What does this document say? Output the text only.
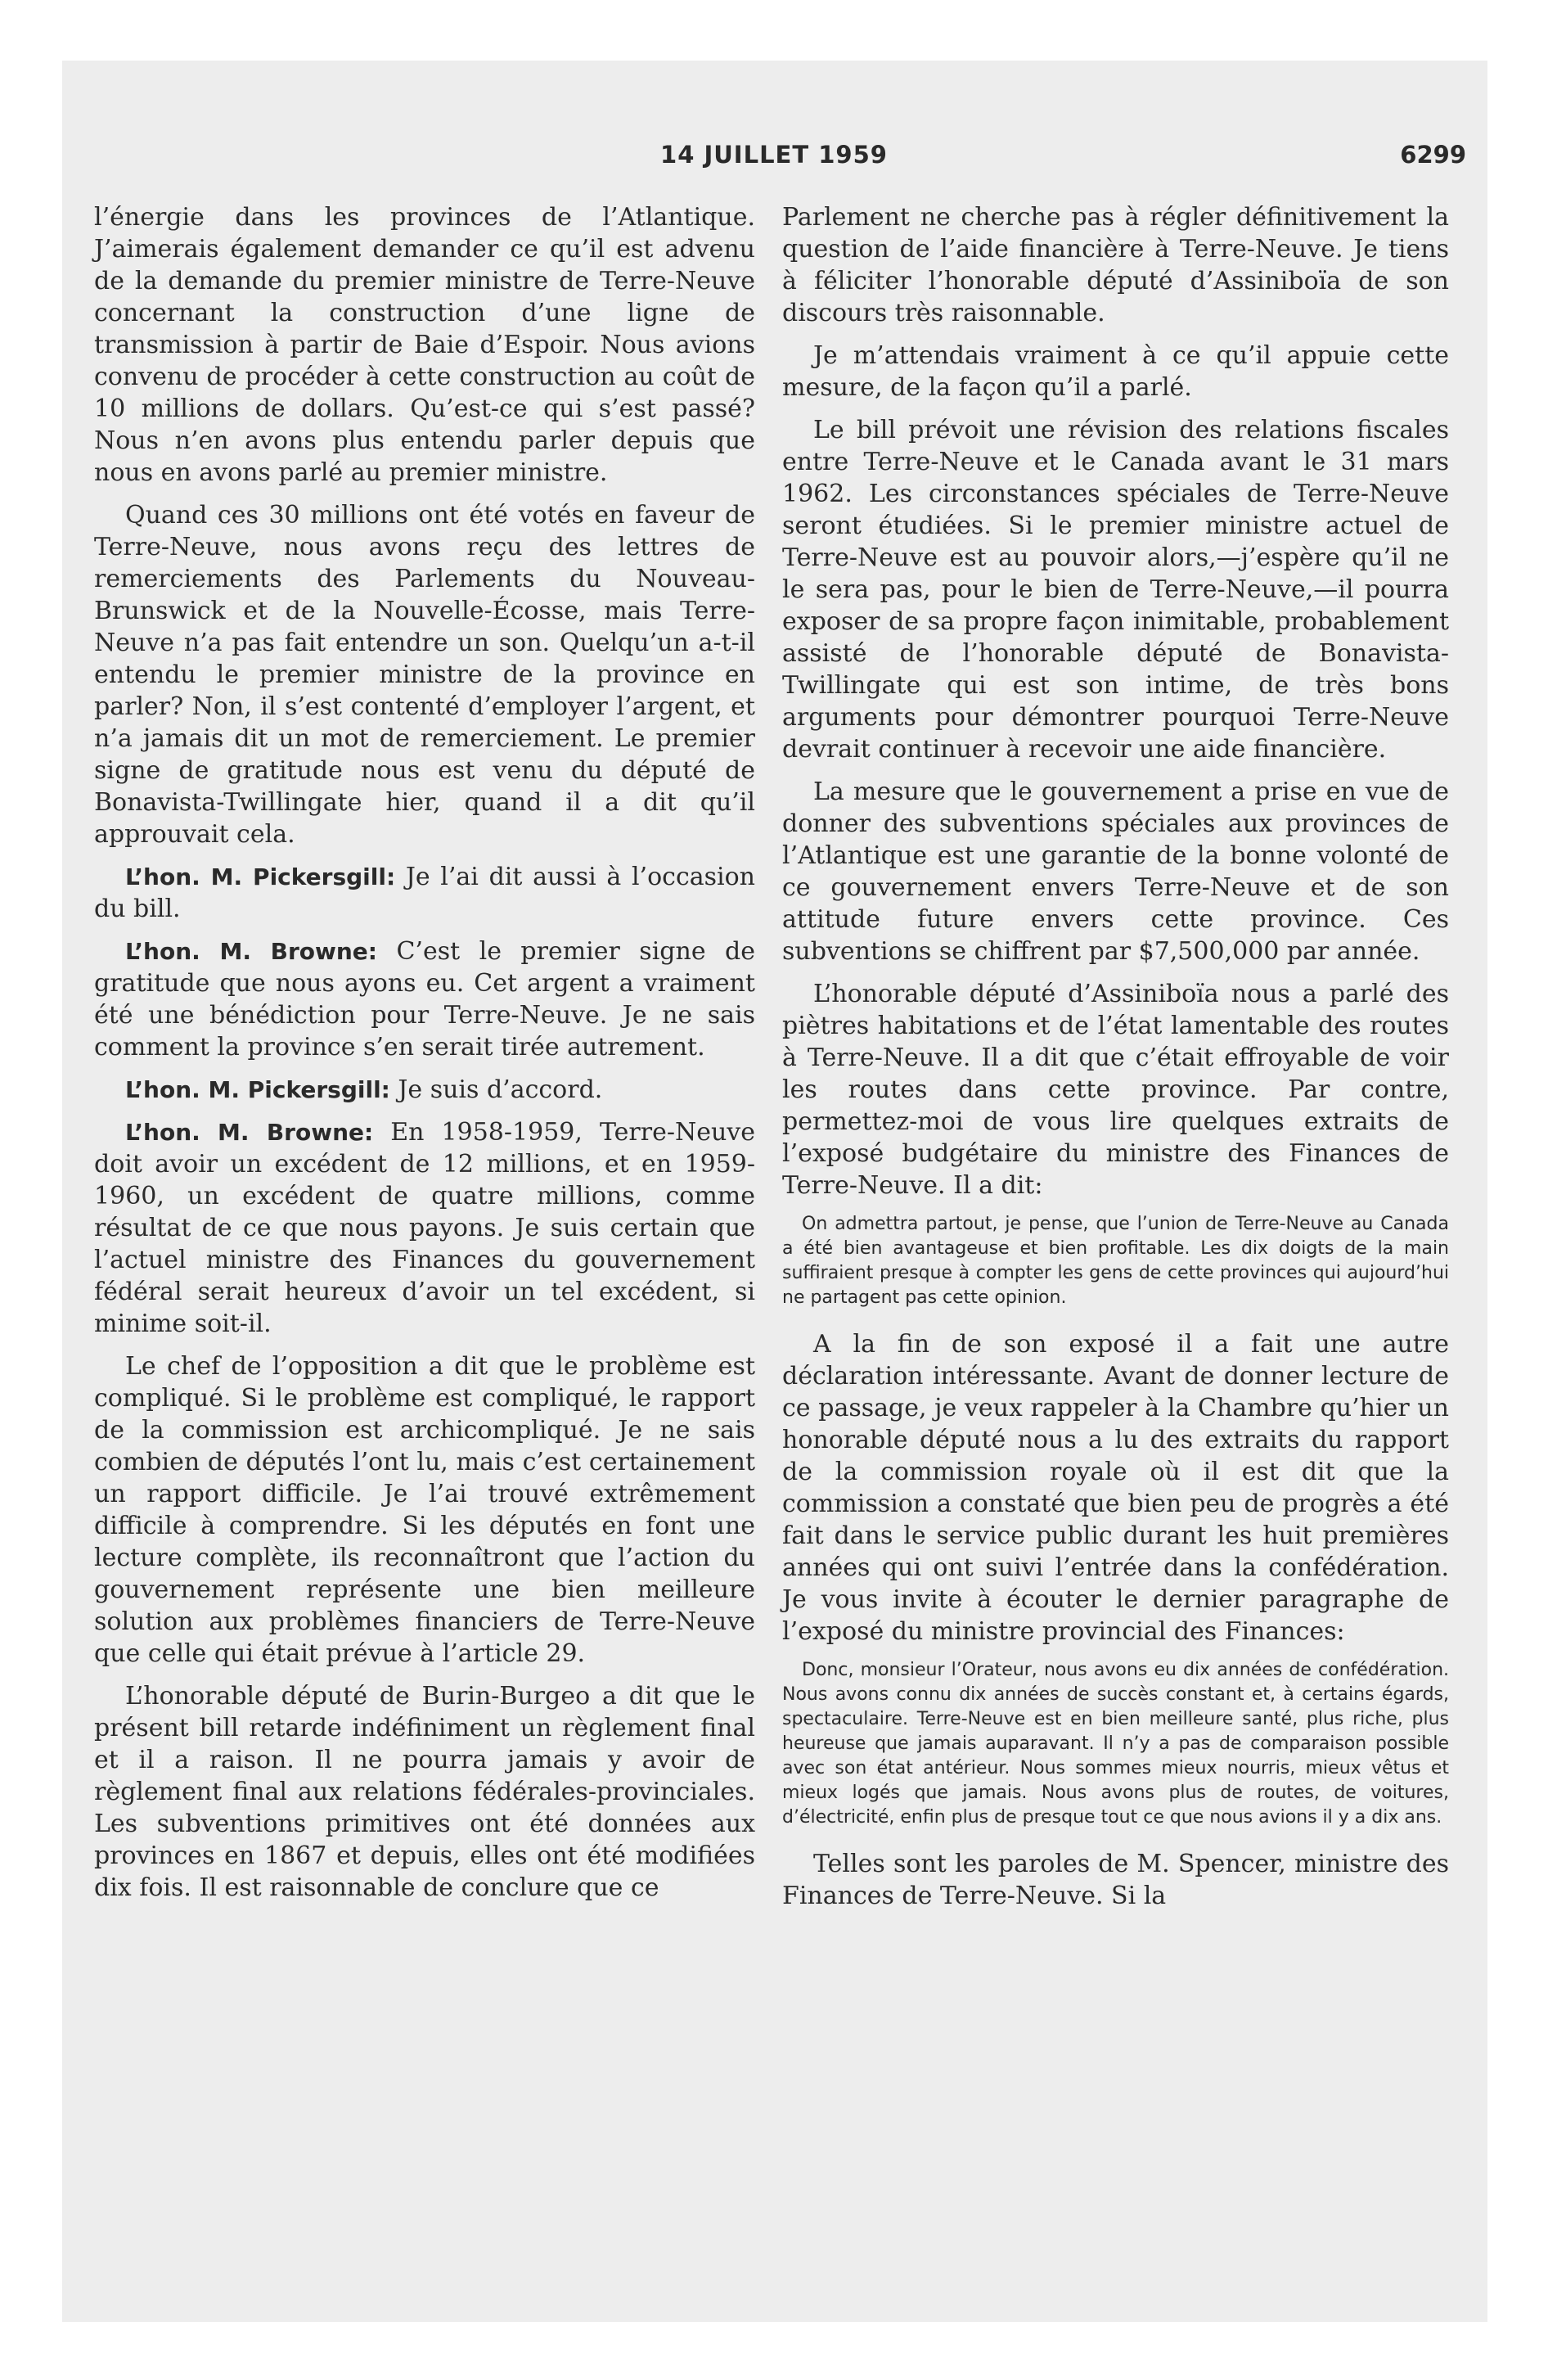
14 JUILLET 1959	6299

l’énergie dans les provinces de l’Atlantique. J’aimerais également demander ce qu’il est advenu de la demande du premier ministre de Terre-Neuve concernant la construction d’une ligne de transmission à partir de Baie d’Espoir. Nous avions convenu de procéder à cette construction au coût de 10 millions de dollars. Qu’est-ce qui s’est passé? Nous n’en avons plus entendu parler depuis que nous en avons parlé au premier ministre.

Quand ces 30 millions ont été votés en faveur de Terre-Neuve, nous avons reçu des lettres de remerciements des Parlements du Nouveau-Brunswick et de la Nouvelle-Écosse, mais Terre-Neuve n’a pas fait entendre un son. Quelqu’un a-t-il entendu le premier ministre de la province en parler? Non, il s’est contenté d’employer l’argent, et n’a jamais dit un mot de remerciement. Le premier signe de gratitude nous est venu du député de Bonavista-Twillingate hier, quand il a dit qu’il approuvait cela.

L’hon. M. Pickersgill: Je l’ai dit aussi à l’occasion du bill.

L’hon. M. Browne: C’est le premier signe de gratitude que nous ayons eu. Cet argent a vraiment été une bénédiction pour Terre-Neuve. Je ne sais comment la province s’en serait tirée autrement.

L’hon. M. Pickersgill: Je suis d’accord.

L’hon. M. Browne: En 1958-1959, Terre-Neuve doit avoir un excédent de 12 millions, et en 1959-1960, un excédent de quatre millions, comme résultat de ce que nous payons. Je suis certain que l’actuel ministre des Finances du gouvernement fédéral serait heureux d’avoir un tel excédent, si minime soit-il.

Le chef de l’opposition a dit que le problème est compliqué. Si le problème est compliqué, le rapport de la commission est archicompliqué. Je ne sais combien de députés l’ont lu, mais c’est certainement un rapport difficile. Je l’ai trouvé extrêmement difficile à comprendre. Si les députés en font une lecture complète, ils reconnaîtront que l’action du gouvernement représente une bien meilleure solution aux problèmes financiers de Terre-Neuve que celle qui était prévue à l’article 29.

L’honorable député de Burin-Burgeo a dit que le présent bill retarde indéfiniment un règlement final et il a raison. Il ne pourra jamais y avoir de règlement final aux relations fédérales-provinciales. Les subventions primitives ont été données aux provinces en 1867 et depuis, elles ont été modifiées dix fois. Il est raisonnable de conclure que ce

Parlement ne cherche pas à régler définitivement la question de l’aide financière à Terre-Neuve. Je tiens à féliciter l’honorable député d’Assiniboïa de son discours très raisonnable.

Je m’attendais vraiment à ce qu’il appuie cette mesure, de la façon qu’il a parlé.

Le bill prévoit une révision des relations fiscales entre Terre-Neuve et le Canada avant le 31 mars 1962. Les circonstances spéciales de Terre-Neuve seront étudiées. Si le premier ministre actuel de Terre-Neuve est au pouvoir alors,—j’espère qu’il ne le sera pas, pour le bien de Terre-Neuve,—il pourra exposer de sa propre façon inimitable, probablement assisté de l’honorable député de Bonavista-Twillingate qui est son intime, de très bons arguments pour démontrer pourquoi Terre-Neuve devrait continuer à recevoir une aide financière.

La mesure que le gouvernement a prise en vue de donner des subventions spéciales aux provinces de l’Atlantique est une garantie de la bonne volonté de ce gouvernement envers Terre-Neuve et de son attitude future envers cette province. Ces subventions se chiffrent par $7,500,000 par année.

L’honorable député d’Assiniboïa nous a parlé des piètres habitations et de l’état lamentable des routes à Terre-Neuve. Il a dit que c’était effroyable de voir les routes dans cette province. Par contre, permettez-moi de vous lire quelques extraits de l’exposé budgétaire du ministre des Finances de Terre-Neuve. Il a dit:

On admettra partout, je pense, que l’union de Terre-Neuve au Canada a été bien avantageuse et bien profitable. Les dix doigts de la main suffiraient presque à compter les gens de cette provinces qui aujourd’hui ne partagent pas cette opinion.

A la fin de son exposé il a fait une autre déclaration intéressante. Avant de donner lecture de ce passage, je veux rappeler à la Chambre qu’hier un honorable député nous a lu des extraits du rapport de la commission royale où il est dit que la commission a constaté que bien peu de progrès a été fait dans le service public durant les huit premières années qui ont suivi l’entrée dans la confédération. Je vous invite à écouter le dernier paragraphe de l’exposé du ministre provincial des Finances:

Donc, monsieur l’Orateur, nous avons eu dix années de confédération. Nous avons connu dix années de succès constant et, à certains égards, spectaculaire. Terre-Neuve est en bien meilleure santé, plus riche, plus heureuse que jamais auparavant. Il n’y a pas de comparaison possible avec son état antérieur. Nous sommes mieux nourris, mieux vêtus et mieux logés que jamais. Nous avons plus de routes, de voitures, d’électricité, enfin plus de presque tout ce que nous avions il y a dix ans.

Telles sont les paroles de M. Spencer, ministre des Finances de Terre-Neuve. Si la
